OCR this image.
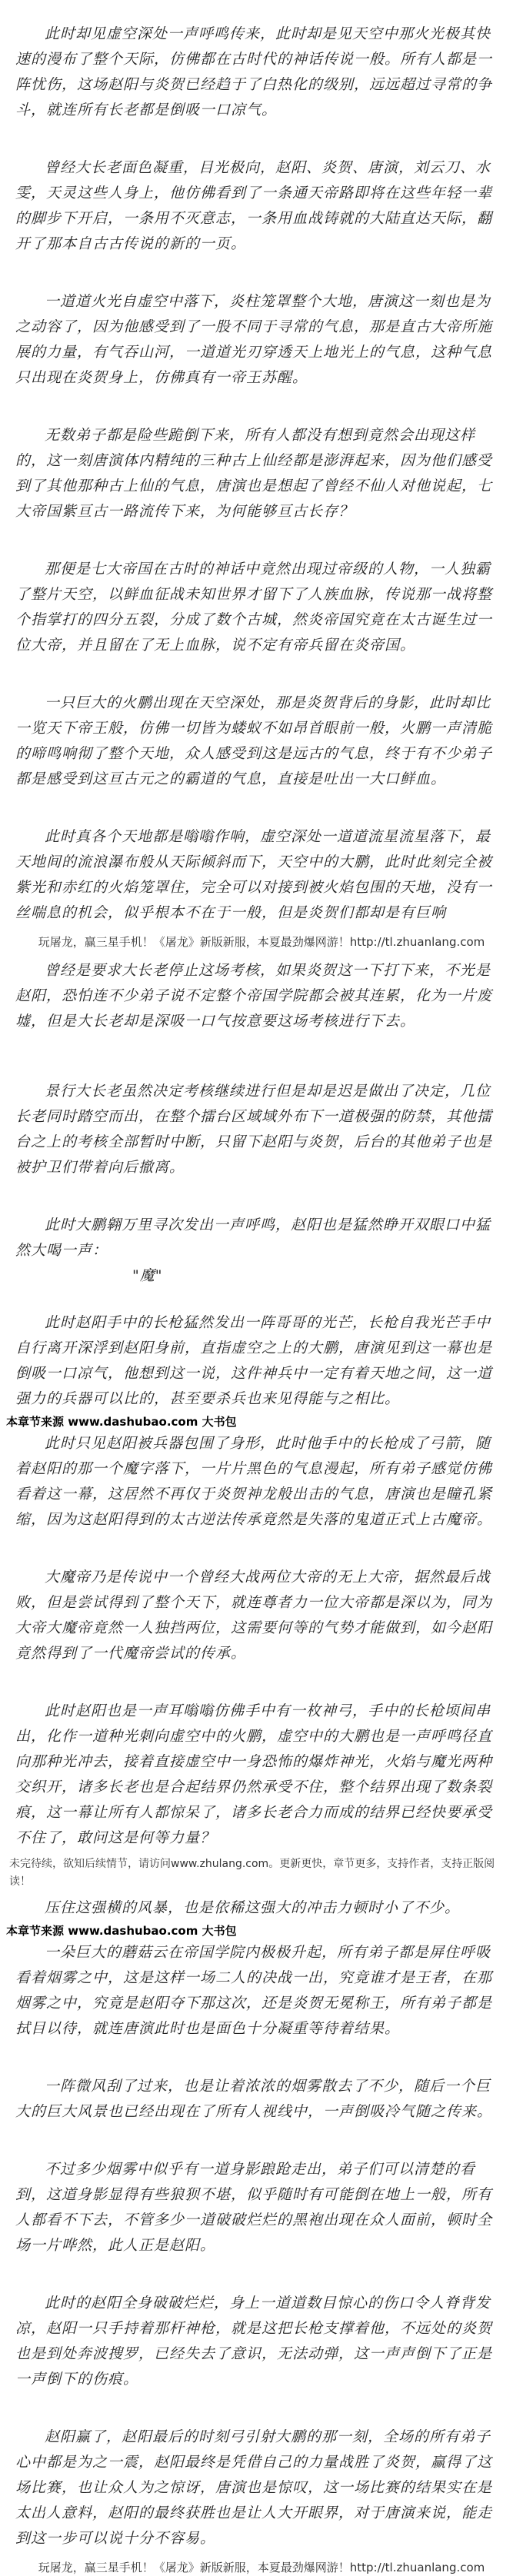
此时却见虚空深处一声呼鸣传来，此时却是见天空中那火光极其快速的漫布了整个天际，仿佛都在古时代的神话传说一般。所有人都是一阵忧伤，这场赵阳与炎贺已经趋于了白热化的级别，远远超过寻常的争斗，就连所有长老都是倒吸一口凉气。

曾经大长老面色凝重，目光极向，赵阳、炎贺、唐演，刘云刀、水雯，天灵这些人身上，他仿佛看到了一条通天帝路即将在这些年轻一辈的脚步下开启，一条用不灭意志，一条用血战铸就的大陆直达天际，翻开了那本自古古传说的新的一页。

一道道火光自虚空中落下，炎柱笼罩整个大地，唐演这一刻也是为之动容了，因为他感受到了一股不同于寻常的气息，那是直古大帝所施展的力量，有气吞山河，一道道光刃穿透天上地光上的气息，这种气息只出现在炎贺身上，仿佛真有一帝王苏醒。

无数弟子都是险些跪倒下来，所有人都没有想到竟然会出现这样的，这一刻唐演体内精纯的三种古上仙经都是澎湃起来，因为他们感受到了其他那种古上仙的气息，唐演也是想起了曾经不仙人对他说起，七大帝国紫亘古一路流传下来，为何能够亘古长存？

那便是七大帝国在古时的神话中竟然出现过帝级的人物，一人独霸了整片天空，以鲜血征战未知世界才留下了人族血脉，传说那一战将整个指掌打的四分五裂，分成了数个古城，然炎帝国究竟在太古诞生过一位大帝，并且留在了无上血脉，说不定有帝兵留在炎帝国。

一只巨大的火鹏出现在天空深处，那是炎贺背后的身影，此时却比一览天下帝王般，仿佛一切皆为蝼蚁不如昂首眼前一般，火鹏一声清脆的啼鸣响彻了整个天地，众人感受到这是远古的气息，终于有不少弟子都是感受到这亘古元之的霸道的气息，直接是吐出一大口鲜血。

此时真各个天地都是嗡嗡作响，虚空深处一道道流星流星落下，最天地间的流浪瀑布般从天际倾斜而下，天空中的大鹏，此时此刻完全被紫光和赤红的火焰笼罩住，完全可以对接到被火焰包围的天地，没有一丝喘息的机会，似乎根本不在于一般，但是炎贺们都却是有巨响

玩屠龙，赢三星手机！《屠龙》新版新服，本夏最劲爆网游！http://tl.zhuanlang.com

曾经是要求大长老停止这场考核，如果炎贺这一下打下来，不光是赵阳，恐怕连不少弟子说不定整个帝国学院都会被其连累，化为一片废墟，但是大长老却是深吸一口气按意要这场考核进行下去。

景行大长老虽然决定考核继续进行但是却是迟是做出了决定，几位长老同时踏空而出，在整个擂台区域域外布下一道极强的防禁，其他擂台之上的考核全部暂时中断，只留下赵阳与炎贺，后台的其他弟子也是被护卫们带着向后撤离。

此时大鹏翱万里寻次发出一声呼鸣，赵阳也是猛然睁开双眼口中猛然大喝一声：

"魔"

此时赵阳手中的长枪猛然发出一阵哥哥的光芒，长枪自我光芒手中自行离开深浮到赵阳身前，直指虚空之上的大鹏，唐演见到这一幕也是倒吸一口凉气，他想到这一说，这件神兵中一定有着天地之间，这一道强力的兵器可以比的，甚至要杀兵也来见得能与之相比。

本章节来源 www.dashubao.com 大书包

此时只见赵阳被兵器包围了身形，此时他手中的长枪成了弓箭，随着赵阳的那一个魔字落下，一片片黑色的气息漫起，所有弟子感觉仿佛看着这一幕，这居然不再仅于炎贺神龙般出击的气息，唐演也是瞳孔紧缩，因为这赵阳得到的太古逆法传承竟然是失落的鬼道正式上古魔帝。

大魔帝乃是传说中一个曾经大战两位大帝的无上大帝，据然最后战败，但是尝试得到了整个天下，就连尊者力一位大帝都是深以为，同为大帝大魔帝竟然一人独挡两位，这需要何等的气势才能做到，如今赵阳竟然得到了一代魔帝尝试的传承。

此时赵阳也是一声耳嗡嗡仿佛手中有一枚神弓，手中的长枪顷间串出，化作一道种光刺向虚空中的火鹏，虚空中的大鹏也是一声呼鸣径直向那种光冲去，接着直接虚空中一身恐怖的爆炸神光，火焰与魔光两种交织开，诸多长老也是合起结界仍然承受不住，整个结界出现了数条裂痕，这一幕让所有人都惊呆了，诸多长老合力而成的结界已经快要承受不住了，敢问这是何等力量？

未完待续，欲知后续情节，请访问www.zhulang.com。更新更快，章节更多，支持作者，支持正版阅读！

压住这强横的风暴，也是依稀这强大的冲击力顿时小了不少。

本章节来源 www.dashubao.com 大书包

一朵巨大的蘑菇云在帝国学院内极极升起，所有弟子都是屏住呼吸看着烟雾之中，这是这样一场二人的决战一出，究竟谁才是王者，在那烟雾之中，究竟是赵阳夺下那这次，还是炎贺无冕称王，所有弟子都是拭目以待，就连唐演此时也是面色十分凝重等待着结果。

一阵微风刮了过来，也是让着浓浓的烟雾散去了不少，随后一个巨大的巨大风景也已经出现在了所有人视线中，一声倒吸冷气随之传来。

不过多少烟雾中似乎有一道身影踉跄走出，弟子们可以清楚的看到，这道身影显得有些狼狈不堪，似乎随时有可能倒在地上一般，所有人都看不下去，不管多少一道破破烂烂的黑袍出现在众人面前，顿时全场一片哗然，此人正是赵阳。

此时的赵阳全身破破烂烂，身上一道道数目惊心的伤口令人脊背发凉，赵阳一只手持着那杆神枪，就是这把长枪支撑着他，不远处的炎贺也是到处奔波搜罗，已经失去了意识，无法动弹，这一声声倒下了正是一声倒下的伤痕。

赵阳赢了，赵阳最后的时刻弓引射大鹏的那一刻，全场的所有弟子心中都是为之一震，赵阳最终是凭借自己的力量战胜了炎贺，赢得了这场比赛，也让众人为之惊讶，唐演也是惊叹，这一场比赛的结果实在是太出人意料，赵阳的最终获胜也是让人大开眼界，对于唐演来说，能走到这一步可以说十分不容易。

玩屠龙，赢三星手机！《屠龙》新版新服，本夏最劲爆网游！http://tl.zhuanlang.com
